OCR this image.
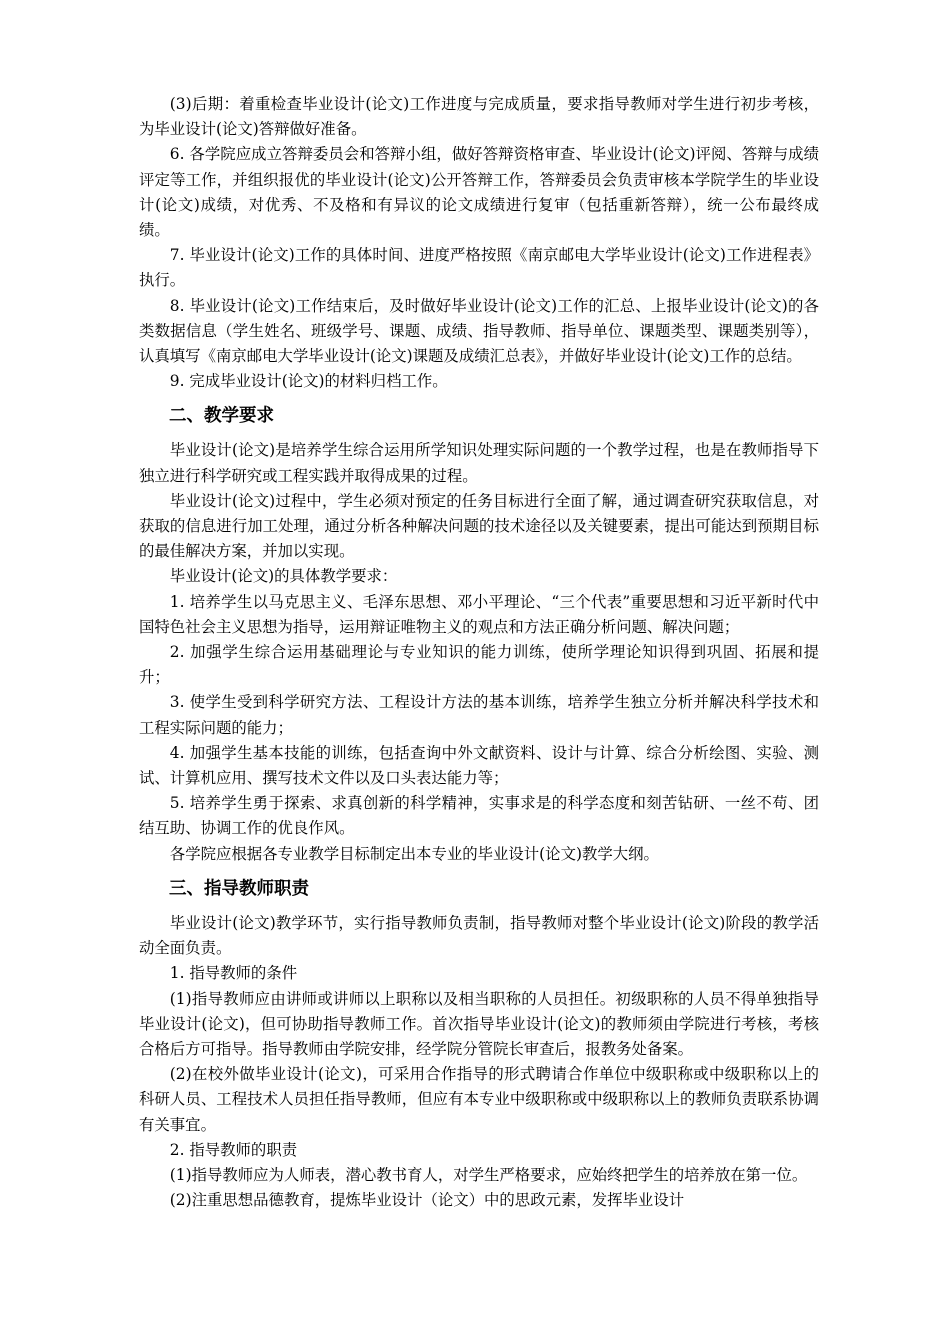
(3)后期：着重检查毕业设计(论文)工作进度与完成质量，要求指导教师对学生进行初步考核，为毕业设计(论文)答辩做好准备。

6. 各学院应成立答辩委员会和答辩小组，做好答辩资格审查、毕业设计(论文)评阅、答辩与成绩评定等工作，并组织报优的毕业设计(论文)公开答辩工作，答辩委员会负责审核本学院学生的毕业设计(论文)成绩，对优秀、不及格和有异议的论文成绩进行复审（包括重新答辩），统一公布最终成绩。

7. 毕业设计(论文)工作的具体时间、进度严格按照《南京邮电大学毕业设计(论文)工作进程表》执行。

8. 毕业设计(论文)工作结束后，及时做好毕业设计(论文)工作的汇总、上报毕业设计(论文)的各类数据信息（学生姓名、班级学号、课题、成绩、指导教师、指导单位、课题类型、课题类别等），认真填写《南京邮电大学毕业设计(论文)课题及成绩汇总表》，并做好毕业设计(论文)工作的总结。

9. 完成毕业设计(论文)的材料归档工作。

二、教学要求

毕业设计(论文)是培养学生综合运用所学知识处理实际问题的一个教学过程，也是在教师指导下独立进行科学研究或工程实践并取得成果的过程。

毕业设计(论文)过程中，学生必须对预定的任务目标进行全面了解，通过调查研究获取信息，对获取的信息进行加工处理，通过分析各种解决问题的技术途径以及关键要素，提出可能达到预期目标的最佳解决方案，并加以实现。

毕业设计(论文)的具体教学要求：

1. 培养学生以马克思主义、毛泽东思想、邓小平理论、“三个代表”重要思想和习近平新时代中国特色社会主义思想为指导，运用辩证唯物主义的观点和方法正确分析问题、解决问题；

2. 加强学生综合运用基础理论与专业知识的能力训练，使所学理论知识得到巩固、拓展和提升；

3. 使学生受到科学研究方法、工程设计方法的基本训练，培养学生独立分析并解决科学技术和工程实际问题的能力；

4. 加强学生基本技能的训练，包括查询中外文献资料、设计与计算、综合分析绘图、实验、测试、计算机应用、撰写技术文件以及口头表达能力等；

5. 培养学生勇于探索、求真创新的科学精神，实事求是的科学态度和刻苦钻研、一丝不苟、团结互助、协调工作的优良作风。

各学院应根据各专业教学目标制定出本专业的毕业设计(论文)教学大纲。

三、指导教师职责

毕业设计(论文)教学环节，实行指导教师负责制，指导教师对整个毕业设计(论文)阶段的教学活动全面负责。

1. 指导教师的条件

(1)指导教师应由讲师或讲师以上职称以及相当职称的人员担任。初级职称的人员不得单独指导毕业设计(论文)，但可协助指导教师工作。首次指导毕业设计(论文)的教师须由学院进行考核，考核合格后方可指导。指导教师由学院安排，经学院分管院长审查后，报教务处备案。

(2)在校外做毕业设计(论文)，可采用合作指导的形式聘请合作单位中级职称或中级职称以上的科研人员、工程技术人员担任指导教师，但应有本专业中级职称或中级职称以上的教师负责联系协调有关事宜。

2. 指导教师的职责

(1)指导教师应为人师表，潜心教书育人，对学生严格要求，应始终把学生的培养放在第一位。

(2)注重思想品德教育，提炼毕业设计（论文）中的思政元素，发挥毕业设计
